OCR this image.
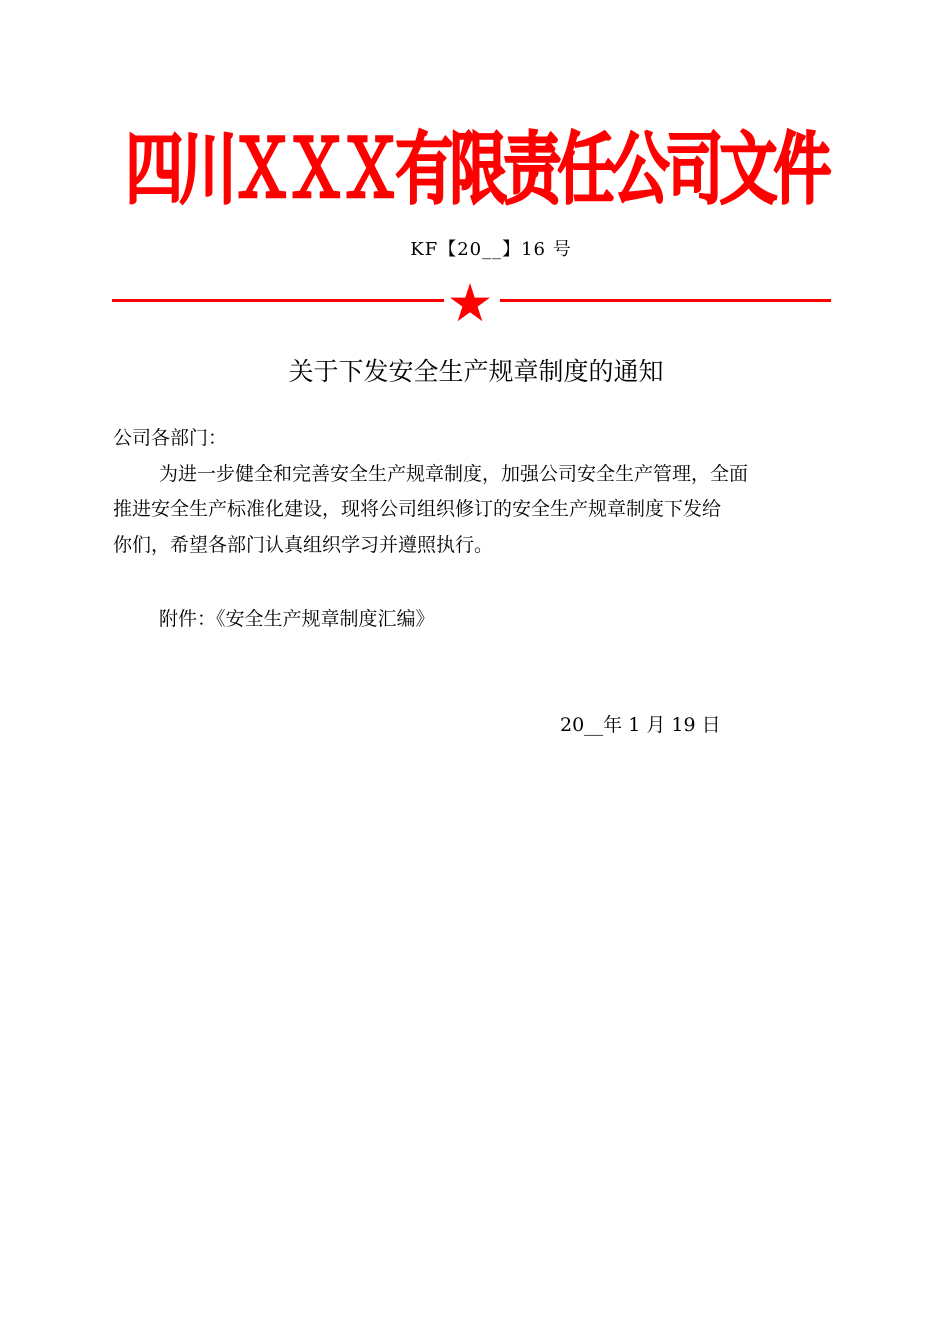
四川ＸＸＸ有限责任公司文件
KF【20__】16 号
关于下发安全生产规章制度的通知
公司各部门：
为进一步健全和完善安全生产规章制度，加强公司安全生产管理，全面
推进安全生产标准化建设，现将公司组织修订的安全生产规章制度下发给
你们，希望各部门认真组织学习并遵照执行。
附件：《安全生产规章制度汇编》
20__年 1 月 19 日
